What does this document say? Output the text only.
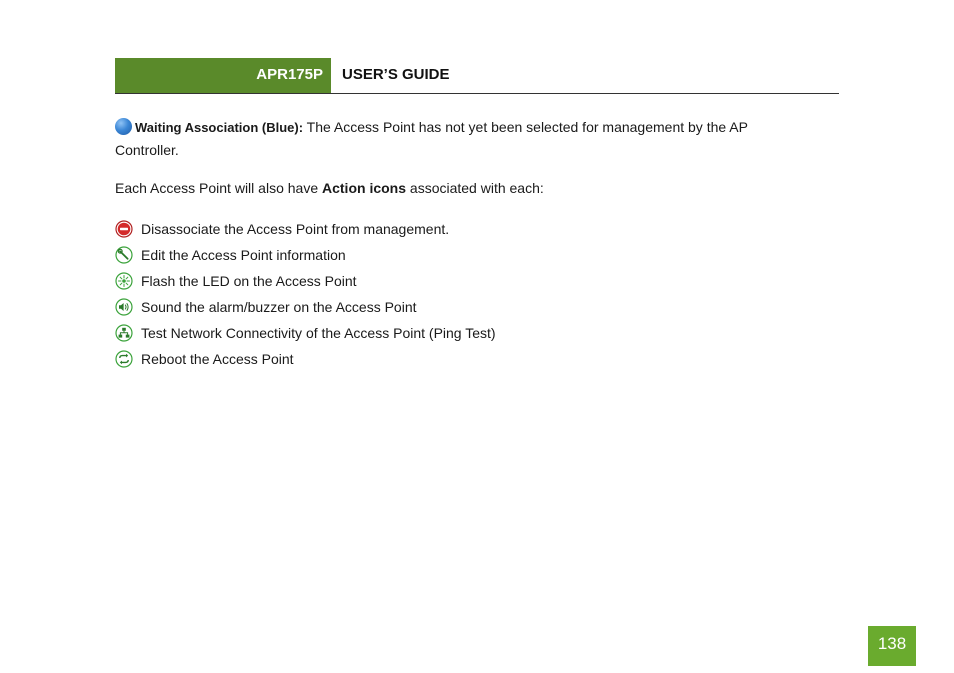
APR175P USER’S GUIDE
Waiting Association (Blue): The Access Point has not yet been selected for management by the AP Controller.
Each Access Point will also have Action icons associated with each:
Disassociate the Access Point from management.
Edit the Access Point information
Flash the LED on the Access Point
Sound the alarm/buzzer on the Access Point
Test Network Connectivity of the Access Point (Ping Test)
Reboot the Access Point
138
